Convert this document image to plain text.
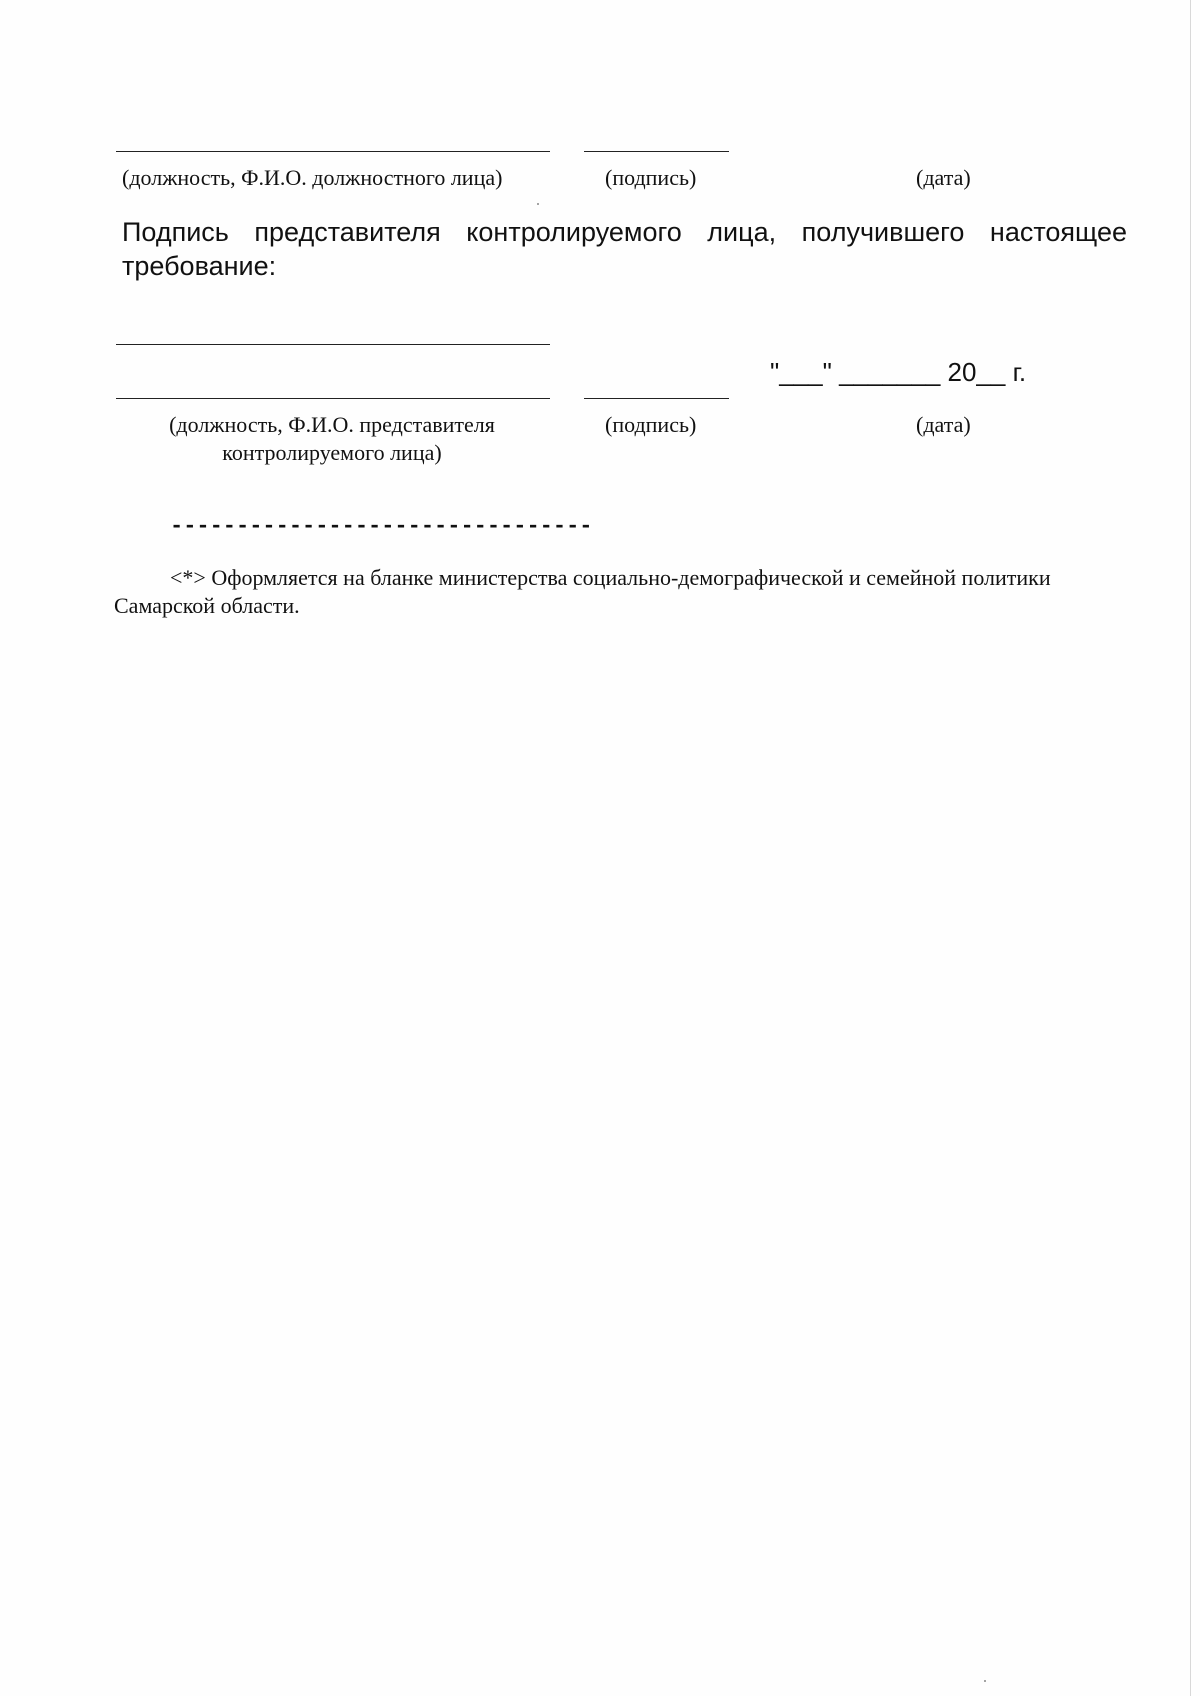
(должность, Ф.И.О. должностного лица)	(подпись)	(дата)
Подпись представителя контролируемого лица, получившего настоящее
требование:
"___" _______ 20__ г.
(должность, Ф.И.О. представителя
контролируемого лица)
(подпись)	(дата)
--------------------------------
<*> Оформляется на бланке министерства социально-демографической и семейной политики Самарской области.
